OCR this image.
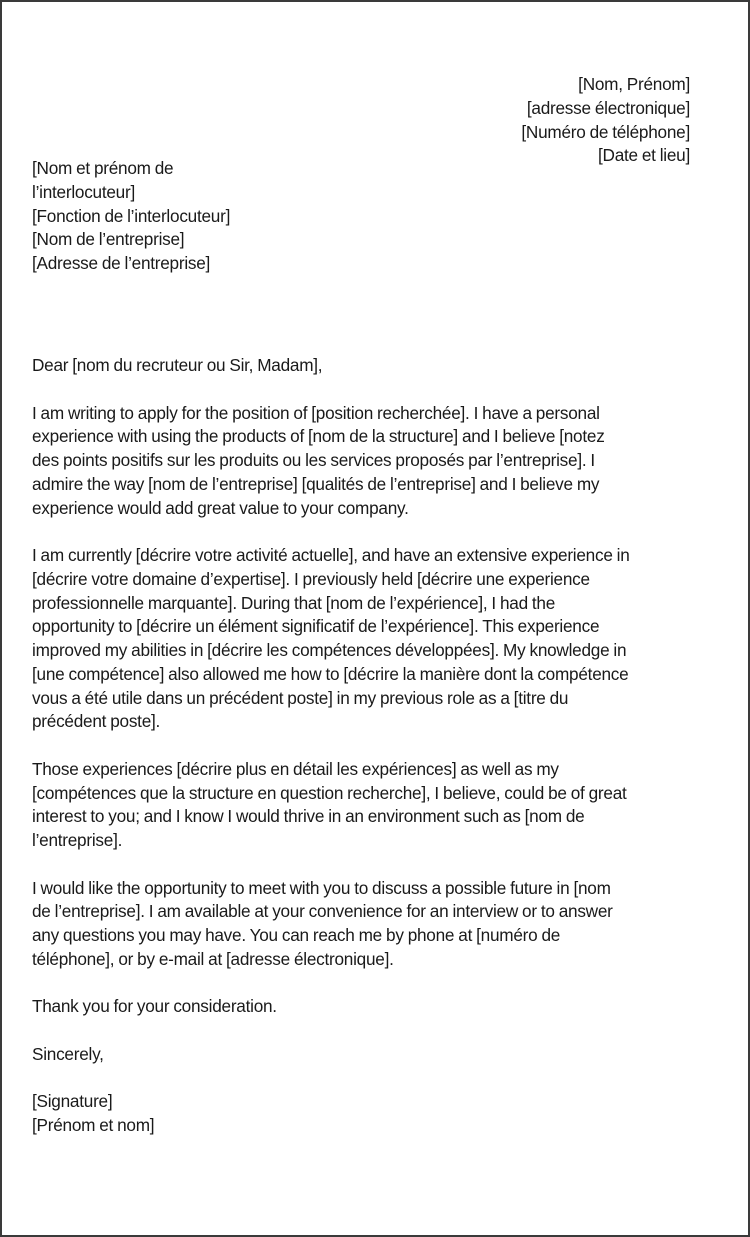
[Nom, Prénom]
[adresse électronique]
[Numéro de téléphone]
[Date et lieu]
[Nom et prénom de
l’interlocuteur]
[Fonction de l’interlocuteur]
[Nom de l’entreprise]
[Adresse de l’entreprise]
Dear [nom du recruteur ou Sir, Madam],
I am writing to apply for the position of [position recherchée]. I have a personal
experience with using the products of [nom de la structure] and I believe [notez
des points positifs sur les produits ou les services proposés par l’entreprise]. I
admire the way [nom de l’entreprise] [qualités de l’entreprise] and I believe my
experience would add great value to your company.
I am currently [décrire votre activité actuelle], and have an extensive experience in
[décrire votre domaine d’expertise]. I previously held [décrire une experience
professionnelle marquante]. During that [nom de l’expérience], I had the
opportunity to [décrire un élément significatif de l’expérience]. This experience
improved my abilities in [décrire les compétences développées]. My knowledge in
[une compétence] also allowed me how to [décrire la manière dont la compétence
vous a été utile dans un précédent poste] in my previous role as a [titre du
précédent poste].
Those experiences [décrire plus en détail les expériences] as well as my
[compétences que la structure en question recherche], I believe, could be of great
interest to you; and I know I would thrive in an environment such as [nom de
l’entreprise].
I would like the opportunity to meet with you to discuss a possible future in [nom
de l’entreprise]. I am available at your convenience for an interview or to answer
any questions you may have. You can reach me by phone at [numéro de
téléphone], or by e-mail at [adresse électronique].
Thank you for your consideration.
Sincerely,
[Signature]
[Prénom et nom]
